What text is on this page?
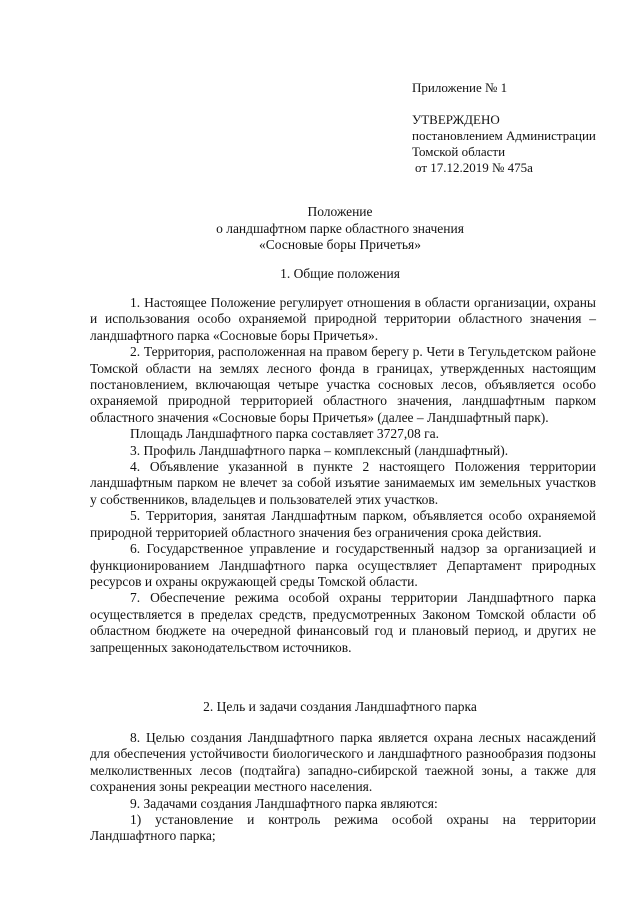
Приложение № 1
УТВЕРЖДЕНО
постановлением Администрации
Томской области
от 17.12.2019 № 475а
Положение
о ландшафтном парке областного значения
«Сосновые боры Причетья»
1. Общие положения

1. Настоящее Положение регулирует отношения в области организации, охраны и использования особо охраняемой природной территории областного значения – ландшафтного парка «Сосновые боры Причетья».

2. Территория, расположенная на правом берегу р. Чети в Тегульдетском районе Томской области на землях лесного фонда в границах, утвержденных настоящим постановлением, включающая четыре участка сосновых лесов, объявляется особо охраняемой природной территорией областного значения, ландшафтным парком областного значения «Сосновые боры Причетья» (далее – Ландшафтный парк).

Площадь Ландшафтного парка составляет 3727,08 га.

3. Профиль Ландшафтного парка – комплексный (ландшафтный).

4. Объявление указанной в пункте 2 настоящего Положения территории ландшафтным парком не влечет за собой изъятие занимаемых им земельных участков у собственников, владельцев и пользователей этих участков.

5. Территория, занятая Ландшафтным парком, объявляется особо охраняемой природной территорией областного значения без ограничения срока действия.

6. Государственное управление и государственный надзор за организацией и функционированием Ландшафтного парка осуществляет Департамент природных ресурсов и охраны окружающей среды Томской области.

7. Обеспечение режима особой охраны территории Ландшафтного парка осуществляется в пределах средств, предусмотренных Законом Томской области об областном бюджете на очередной финансовый год и плановый период, и других не запрещенных законодательством источников.

2. Цель и задачи создания Ландшафтного парка

8. Целью создания Ландшафтного парка является охрана лесных насаждений для обеспечения устойчивости биологического и ландшафтного разнообразия подзоны мелколиственных лесов (подтайга) западно-сибирской таежной зоны, а также для сохранения зоны рекреации местного населения.

9. Задачами создания Ландшафтного парка являются:

1) установление и контроль режима особой охраны на территории Ландшафтного парка;
